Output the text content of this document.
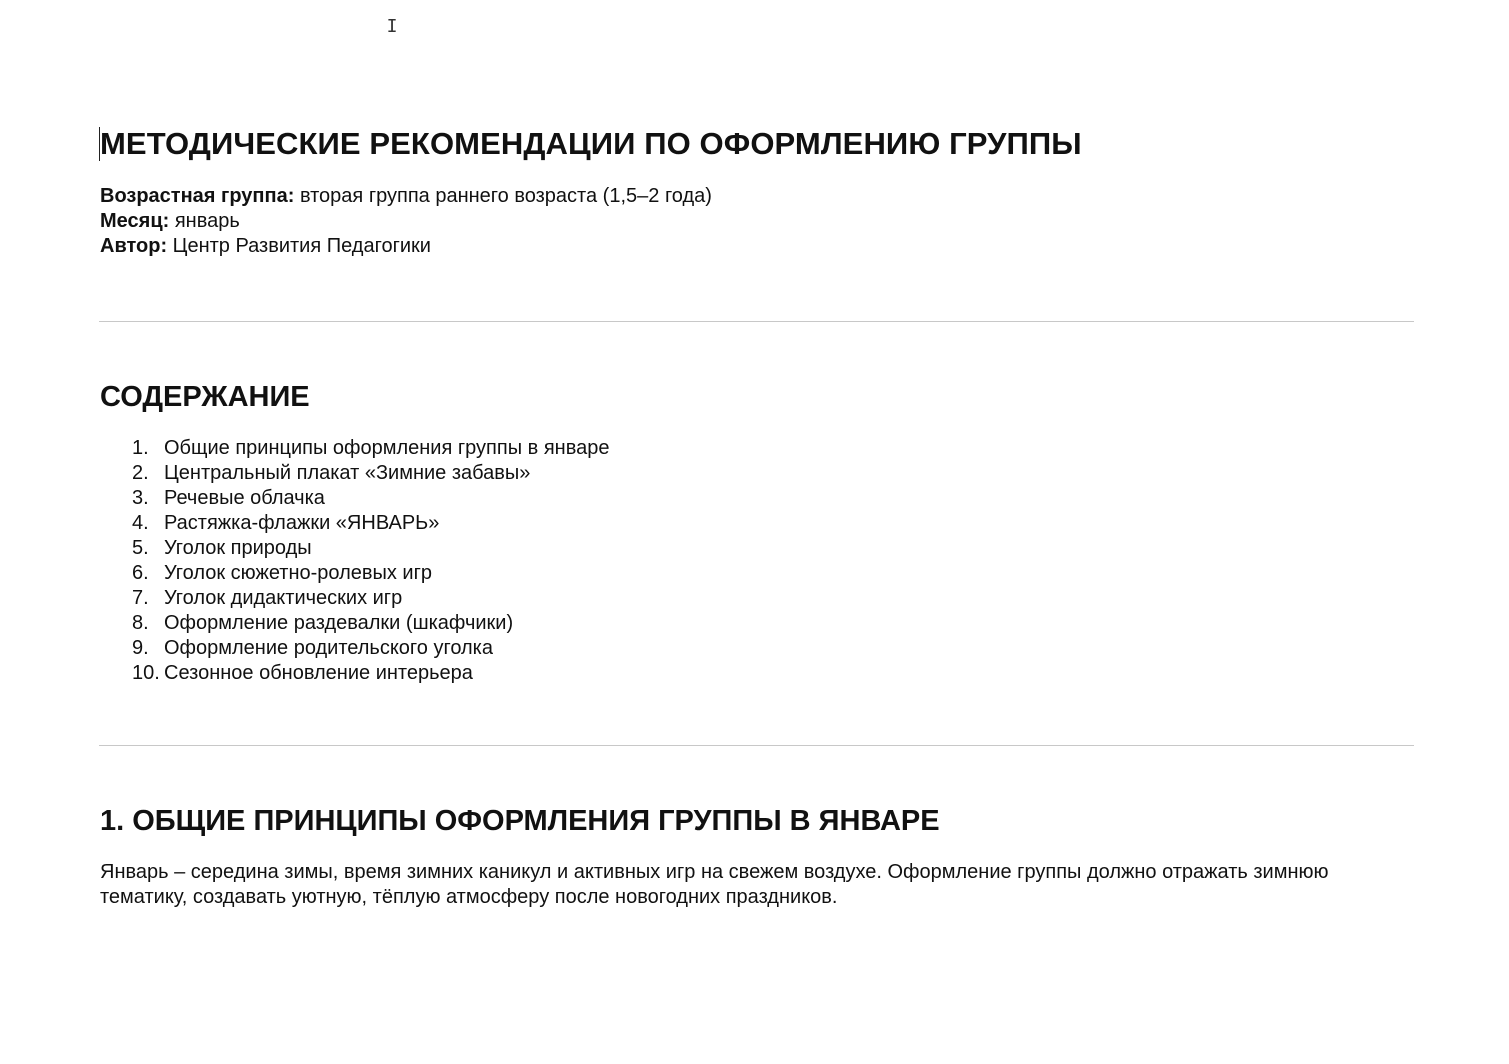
I
МЕТОДИЧЕСКИЕ РЕКОМЕНДАЦИИ ПО ОФОРМЛЕНИЮ ГРУППЫ
Возрастная группа: вторая группа раннего возраста (1,5–2 года)
Месяц: январь
Автор: Центр Развития Педагогики
СОДЕРЖАНИЕ
1. Общие принципы оформления группы в январе
2. Центральный плакат «Зимние забавы»
3. Речевые облачка
4. Растяжка-флажки «ЯНВАРЬ»
5. Уголок природы
6. Уголок сюжетно-ролевых игр
7. Уголок дидактических игр
8. Оформление раздевалки (шкафчики)
9. Оформление родительского уголка
10. Сезонное обновление интерьера
1. ОБЩИЕ ПРИНЦИПЫ ОФОРМЛЕНИЯ ГРУППЫ В ЯНВАРЕ

Январь – середина зимы, время зимних каникул и активных игр на свежем воздухе. Оформление группы должно отражать зимнюю тематику, создавать уютную, тёплую атмосферу после новогодних праздников.
